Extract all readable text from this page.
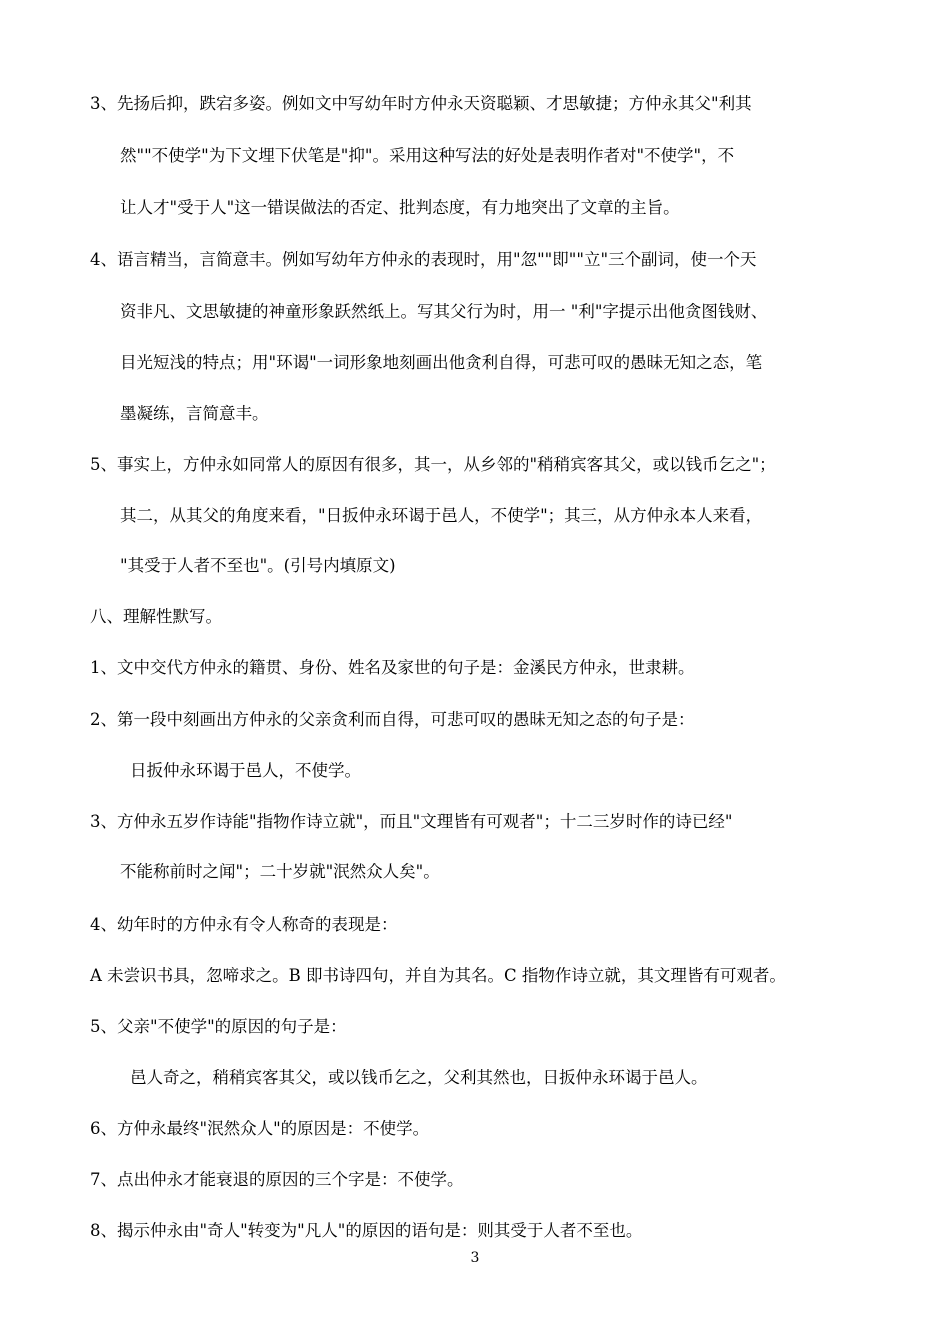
3、先扬后抑，跌宕多姿。例如文中写幼年时方仲永天资聪颖、才思敏捷；方仲永其父"利其
然""不使学"为下文埋下伏笔是"抑"。采用这种写法的好处是表明作者对"不使学"，不
让人才"受于人"这一错误做法的否定、批判态度，有力地突出了文章的主旨。
4、语言精当，言简意丰。例如写幼年方仲永的表现时，用"忽""即""立"三个副词，使一个天
资非凡、文思敏捷的神童形象跃然纸上。写其父行为时，用一 "利"字提示出他贪图钱财、
目光短浅的特点；用"环谒"一词形象地刻画出他贪利自得，可悲可叹的愚昧无知之态，笔
墨凝练，言简意丰。
5、事实上，方仲永如同常人的原因有很多，其一，从乡邻的"稍稍宾客其父，或以钱币乞之"；
其二，从其父的角度来看，"日扳仲永环谒于邑人，不使学"；其三，从方仲永本人来看，
"其受于人者不至也"。(引号内填原文)
八、理解性默写。
1、文中交代方仲永的籍贯、身份、姓名及家世的句子是：金溪民方仲永，世隶耕。
2、第一段中刻画出方仲永的父亲贪利而自得，可悲可叹的愚昧无知之态的句子是：
日扳仲永环谒于邑人，不使学。
3、方仲永五岁作诗能"指物作诗立就"，而且"文理皆有可观者"；十二三岁时作的诗已经"
不能称前时之闻"；二十岁就"泯然众人矣"。
4、幼年时的方仲永有令人称奇的表现是：
A 未尝识书具，忽啼求之。B 即书诗四句，并自为其名。C 指物作诗立就，其文理皆有可观者。
5、父亲"不使学"的原因的句子是：
邑人奇之，稍稍宾客其父，或以钱币乞之，父利其然也，日扳仲永环谒于邑人。
6、方仲永最终"泯然众人"的原因是：不使学。
7、点出仲永才能衰退的原因的三个字是：不使学。
8、揭示仲永由"奇人"转变为"凡人"的原因的语句是：则其受于人者不至也。
3
